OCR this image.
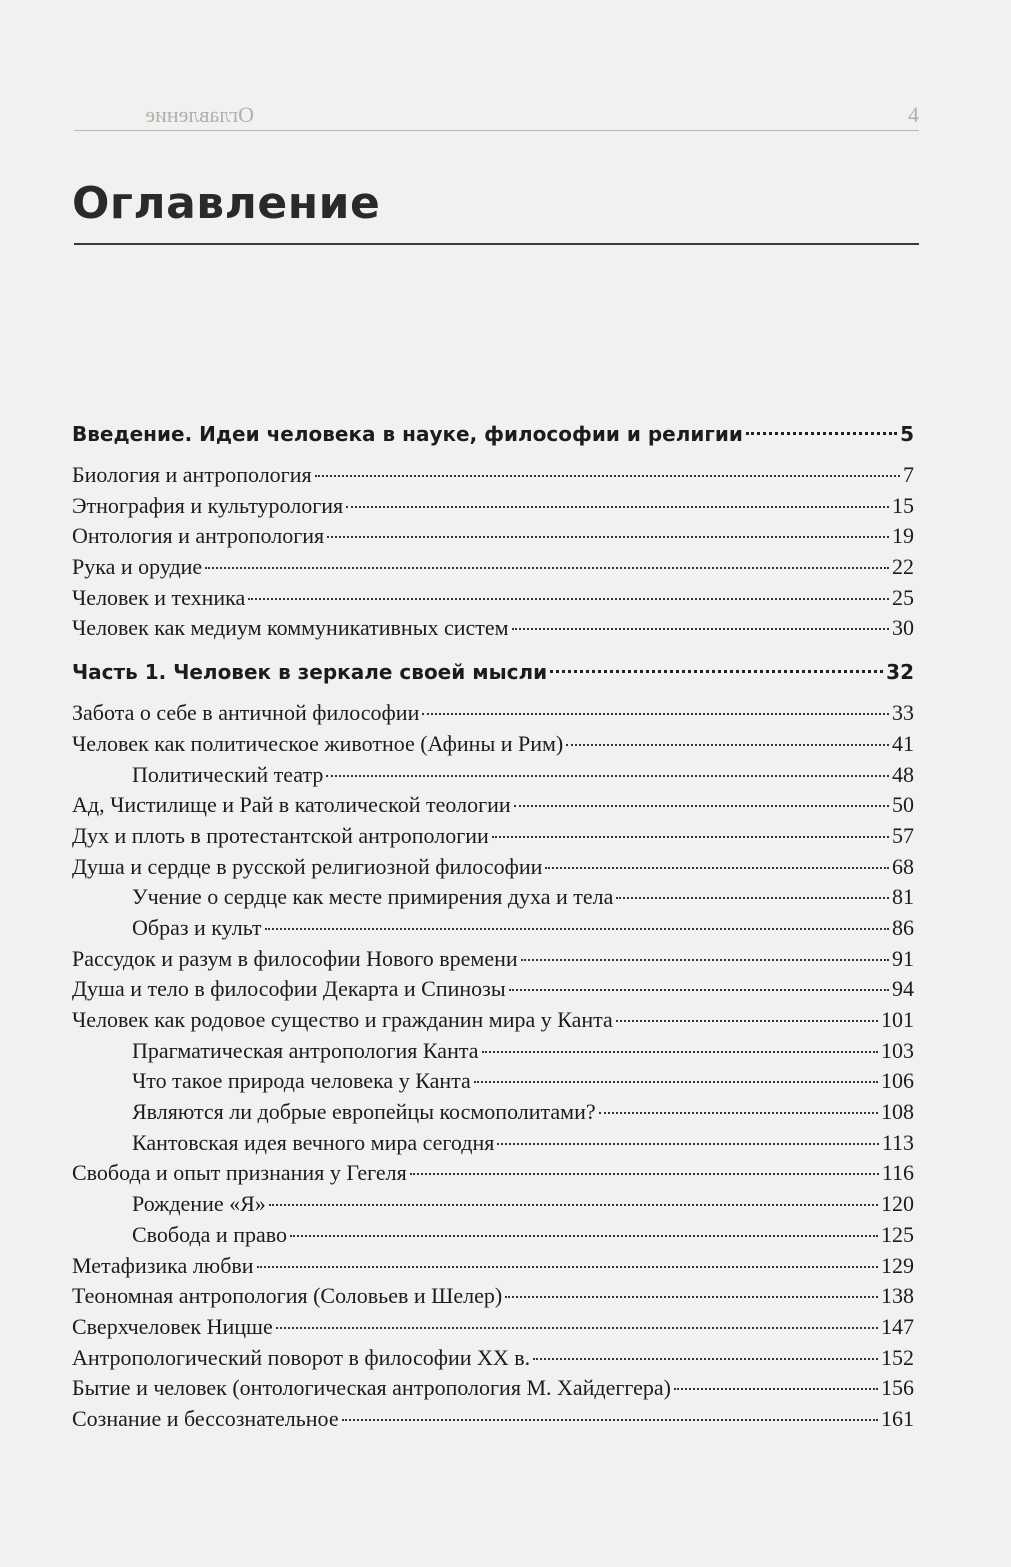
Оглавление	4
Оглавление
Введение. Идеи человека в науке, философии и религии	5
Биология и антропология	7
Этнография и культурология	15
Онтология и антропология	19
Рука и орудие	22
Человек и техника	25
Человек как медиум коммуникативных систем	30
Часть 1. Человек в зеркале своей мысли	32
Забота о себе в античной философии	33
Человек как политическое животное (Афины и Рим)	41
Политический театр	48
Ад, Чистилище и Рай в католической теологии	50
Дух и плоть в протестантской антропологии	57
Душа и сердце в русской религиозной философии	68
Учение о сердце как месте примирения духа и тела	81
Образ и культ	86
Рассудок и разум в философии Нового времени	91
Душа и тело в философии Декарта и Спинозы	94
Человек как родовое существо и гражданин мира у Канта	101
Прагматическая антропология Канта	103
Что такое природа человека у Канта	106
Являются ли добрые европейцы космополитами?	108
Кантовская идея вечного мира сегодня	113
Свобода и опыт признания у Гегеля	116
Рождение «Я»	120
Свобода и право	125
Метафизика любви	129
Теономная антропология (Соловьев и Шелер)	138
Сверхчеловек Ницше	147
Антропологический поворот в философии XX в.	152
Бытие и человек (онтологическая антропология М. Хайдеггера)	156
Сознание и бессознательное	161
